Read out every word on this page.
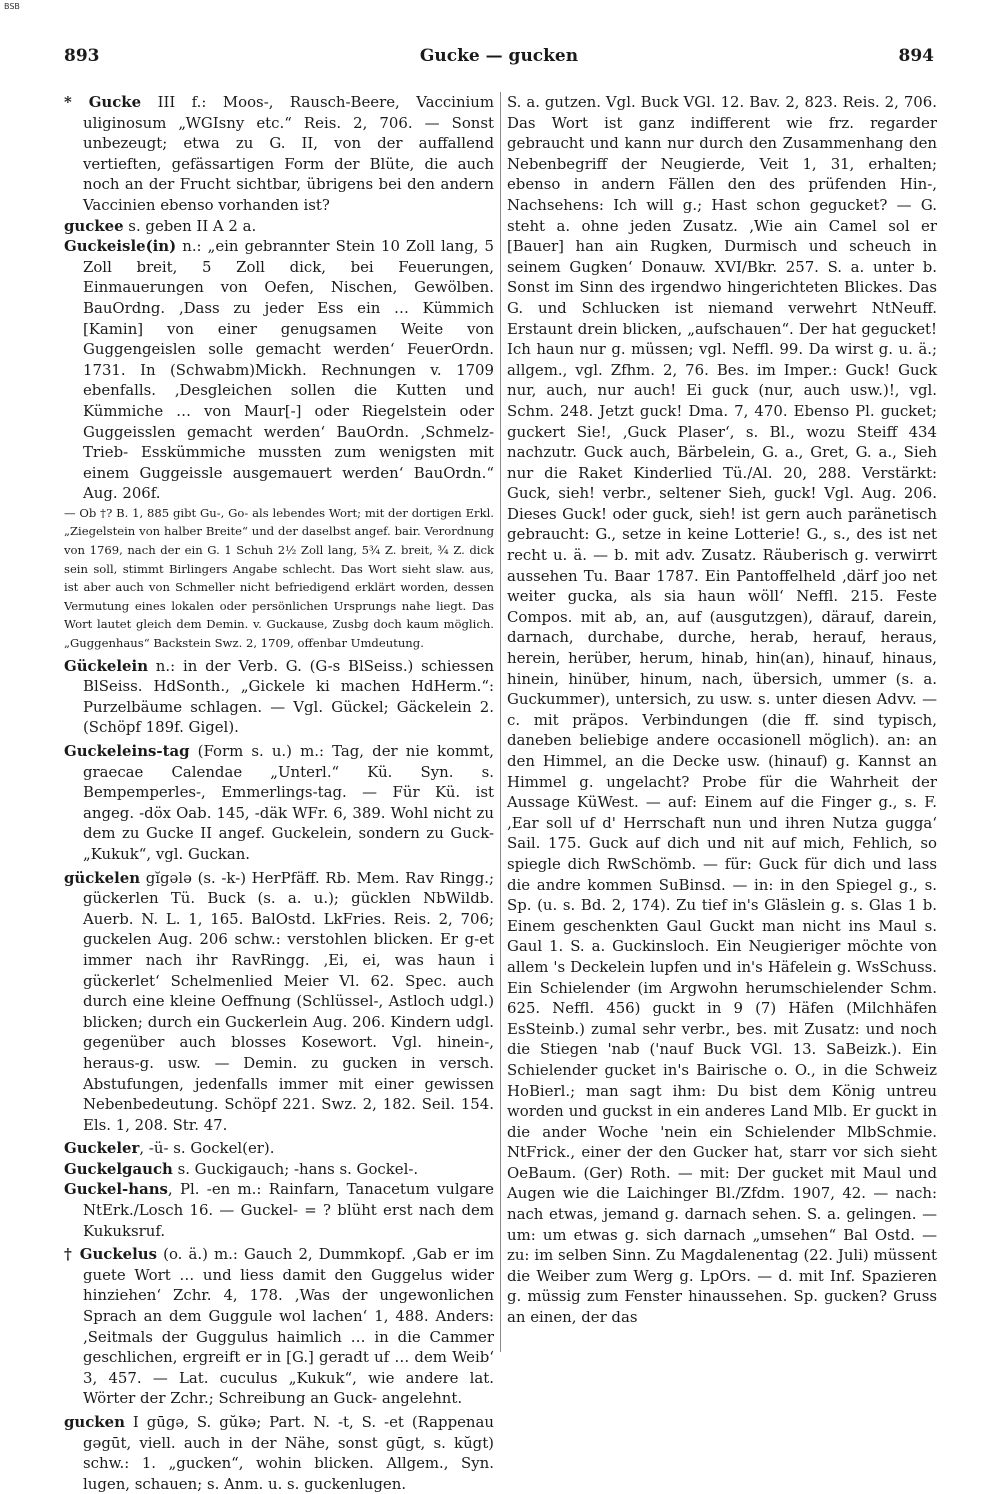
BSB
893	Gucke — gucken	894

* Gucke III f.: Moos-, Rausch-Beere, Vaccinium uliginosum „WGIsny etc.“ Reis. 2, 706. — Sonst unbezeugt; etwa zu G. II, von der auffallend vertieften, gefässartigen Form der Blüte, die auch noch an der Frucht sichtbar, übrigens bei den andern Vaccinien ebenso vorhanden ist?

guckee s. geben II A 2 a.

Guckeisle(in) n.: „ein gebrannter Stein 10 Zoll lang, 5 Zoll breit, 5 Zoll dick, bei Feuerungen, Einmauerungen von Oefen, Nischen, Gewölben. BauOrdng. ‚Dass zu jeder Ess ein … Kümmich [Kamin] von einer genugsamen Weite von Guggengeislen solle gemacht werden‘ FeuerOrdn. 1731. In (Schwabm)Mickh. Rechnungen v. 1709 ebenfalls. ‚Desgleichen sollen die Kutten und Kümmiche … von Maur[-] oder Riegelstein oder Guggeisslen gemacht werden‘ BauOrdn. ‚Schmelz-Trieb- Esskümmiche mussten zum wenigsten mit einem Guggeissle ausgemauert werden‘ BauOrdn.“ Aug. 206f.

— Ob †? B. 1, 885 gibt Gu-, Go- als lebendes Wort; mit der dortigen Erkl. „Ziegelstein von halber Breite“ und der daselbst angef. bair. Verordnung von 1769, nach der ein G. 1 Schuh 2½ Zoll lang, 5¾ Z. breit, ¾ Z. dick sein soll, stimmt Birlingers Angabe schlecht. Das Wort sieht slaw. aus, ist aber auch von Schmeller nicht befriedigend erklärt worden, dessen Vermutung eines lokalen oder persönlichen Ursprungs nahe liegt. Das Wort lautet gleich dem Demin. v. Guckause, Zusbg doch kaum möglich. „Guggenhaus“ Backstein Swz. 2, 1709, offenbar Umdeutung.

Gückelein n.: in der Verb. G. (G-s BlSeiss.) schiessen BlSeiss. HdSonth., „Gickele ki machen HdHerm.“: Purzelbäume schlagen. — Vgl. Gückel; Gäckelein 2. (Schöpf 189f. Gigel).

Guckeleins-tag (Form s. u.) m.: Tag, der nie kommt, graecae Calendae „Unterl.“ Kü. Syn. s. Bempemperles-, Emmerlings-tag. — Für Kü. ist angeg. -döx Oab. 145, -däk WFr. 6, 389. Wohl nicht zu dem zu Gucke II angef. Guckelein, sondern zu Guck- „Kukuk“, vgl. Guckan.

gückelen gĭgələ (s. -k-) HerPfäff. Rb. Mem. Rav Ringg.; gückerlen Tü. Buck (s. a. u.); gücklen NbWildb. Auerb. N. L. 1, 165. BalOstd. LkFries. Reis. 2, 706; guckelen Aug. 206 schw.: verstohlen blicken. Er g-et immer nach ihr RavRingg. ‚Ei, ei, was haun i gückerlet‘ Schelmenlied Meier Vl. 62. Spec. auch durch eine kleine Oeffnung (Schlüssel-, Astloch udgl.) blicken; durch ein Guckerlein Aug. 206. Kindern udgl. gegenüber auch blosses Kosewort. Vgl. hinein-, heraus-g. usw. — Demin. zu gucken in versch. Abstufungen, jedenfalls immer mit einer gewissen Nebenbedeutung. Schöpf 221. Swz. 2, 182. Seil. 154. Els. 1, 208. Str. 47.

Guckeler, -ü- s. Gockel(er).

Guckelgauch s. Guckigauch; -hans s. Gockel-.

Guckel-hans, Pl. -en m.: Rainfarn, Tanacetum vulgare NtErk./Losch 16. — Guckel- = ? blüht erst nach dem Kukuksruf.

† Guckelus (o. ä.) m.: Gauch 2, Dummkopf. ‚Gab er im guete Wort … und liess damit den Guggelus wider hinziehen‘ Zchr. 4, 178. ‚Was der ungewonlichen Sprach an dem Guggule wol lachen‘ 1, 488. Anders: ‚Seitmals der Guggulus haimlich … in die Cammer geschlichen, ergreift er in [G.] geradt uf … dem Weib‘ 3, 457. — Lat. cuculus „Kukuk“, wie andere lat. Wörter der Zchr.; Schreibung an Guck- angelehnt.

gucken I gūgə, S. gŭkə; Part. N. -t, S. -et (Rappenau gəgūt, viell. auch in der Nähe, sonst gūgt, s. kŭgt) schw.: 1. „gucken“, wohin blicken. Allgem., Syn. lugen, schauen; s. Anm. u. s. guckenlugen.

S. a. gutzen. Vgl. Buck VGl. 12. Bav. 2, 823. Reis. 2, 706. Das Wort ist ganz indifferent wie frz. regarder gebraucht und kann nur durch den Zusammenhang den Nebenbegriff der Neugierde, Veit 1, 31, erhalten; ebenso in andern Fällen den des prüfenden Hin-, Nachsehens: Ich will g.; Hast schon gegucket? — G. steht a. ohne jeden Zusatz. ‚Wie ain Camel sol er [Bauer] han ain Rugken, Durmisch und scheuch in seinem Gugken‘ Donauw. XVI/Bkr. 257. S. a. unter b. Sonst im Sinn des irgendwo hingerichteten Blickes. Das G. und Schlucken ist niemand verwehrt NtNeuff. Erstaunt drein blicken, „aufschauen“. Der hat gegucket! Ich haun nur g. müssen; vgl. Neffl. 99. Da wirst g. u. ä.; allgem., vgl. Zfhm. 2, 76. Bes. im Imper.: Guck! Guck nur, auch, nur auch! Ei guck (nur, auch usw.)!, vgl. Schm. 248. Jetzt guck! Dma. 7, 470. Ebenso Pl. gucket; guckert Sie!, ‚Guck Plaser‘, s. Bl., wozu Steiff 434 nachzutr. Guck auch, Bärbelein, G. a., Gret, G. a., Sieh nur die Raket Kinderlied Tü./Al. 20, 288. Verstärkt: Guck, sieh! verbr., seltener Sieh, guck! Vgl. Aug. 206. Dieses Guck! oder guck, sieh! ist gern auch paränetisch gebraucht: G., setze in keine Lotterie! G., s., des ist net recht u. ä. — b. mit adv. Zusatz. Räuberisch g. verwirrt aussehen Tu. Baar 1787. Ein Pantoffelheld ‚därf joo net weiter gucka, als sia haun wöll‘ Neffl. 215. Feste Compos. mit ab, an, auf (ausgutzgen), därauf, darein, darnach, durchabe, durche, herab, herauf, heraus, herein, herüber, herum, hinab, hin(an), hinauf, hinaus, hinein, hinüber, hinum, nach, übersich, ummer (s. a. Guckummer), untersich, zu usw. s. unter diesen Advv. — c. mit präpos. Verbindungen (die ff. sind typisch, daneben beliebige andere occasionell möglich). an: an den Himmel, an die Decke usw. (hinauf) g. Kannst an Himmel g. ungelacht? Probe für die Wahrheit der Aussage KüWest. — auf: Einem auf die Finger g., s. F. ‚Ear soll uf d' Herrschaft nun und ihren Nutza gugga‘ Sail. 175. Guck auf dich und nit auf mich, Fehlich, so spiegle dich RwSchömb. — für: Guck für dich und lass die andre kommen SuBinsd. — in: in den Spiegel g., s. Sp. (u. s. Bd. 2, 174). Zu tief in's Gläslein g. s. Glas 1 b. Einem geschenkten Gaul Guckt man nicht ins Maul s. Gaul 1. S. a. Guckinsloch. Ein Neugieriger möchte von allem 's Deckelein lupfen und in's Häfelein g. WsSchuss. Ein Schielender (im Argwohn herumschielender Schm. 625. Neffl. 456) guckt in 9 (7) Häfen (Milchhäfen EsSteinb.) zumal sehr verbr., bes. mit Zusatz: und noch die Stiegen 'nab ('nauf Buck VGl. 13. SaBeizk.). Ein Schielender gucket in's Bairische o. O., in die Schweiz HoBierl.; man sagt ihm: Du bist dem König untreu worden und guckst in ein anderes Land Mlb. Er guckt in die ander Woche 'nein ein Schielender MlbSchmie. NtFrick., einer der den Gucker hat, starr vor sich sieht OeBaum. (Ger) Roth. — mit: Der gucket mit Maul und Augen wie die Laichinger Bl./Zfdm. 1907, 42. — nach: nach etwas, jemand g. darnach sehen. S. a. gelingen. — um: um etwas g. sich darnach „umsehen“ Bal Ostd. — zu: im selben Sinn. Zu Magdalenentag (22. Juli) müssent die Weiber zum Werg g. LpOrs. — d. mit Inf. Spazieren g. müssig zum Fenster hinaussehen. Sp. gucken? Gruss an einen, der das
